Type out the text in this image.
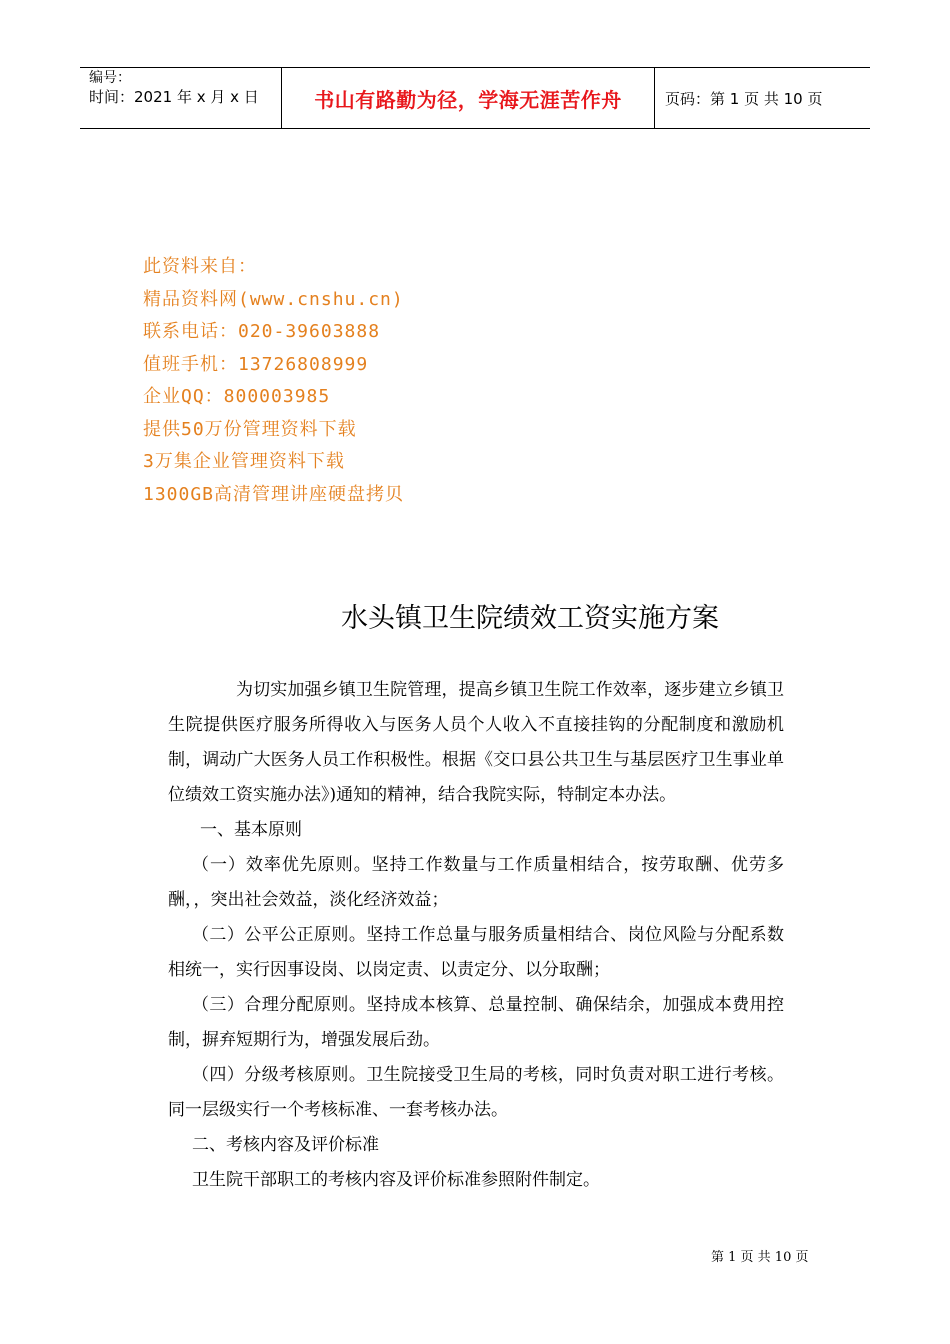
编号：
时间：2021 年 x 月 x 日	书山有路勤为径，学海无涯苦作舟	页码：第 1 页 共 10 页
此资料来自：
精品资料网(www.cnshu.cn)
联系电话：020-39603888
值班手机：13726808999
企业QQ：800003985
提供50万份管理资料下载
3万集企业管理资料下载
1300GB高清管理讲座硬盘拷贝
水头镇卫生院绩效工资实施方案

为切实加强乡镇卫生院管理，提高乡镇卫生院工作效率，逐步建立乡镇卫生院提供医疗服务所得收入与医务人员个人收入不直接挂钩的分配制度和激励机制，调动广大医务人员工作积极性。根据《交口县公共卫生与基层医疗卫生事业单位绩效工资实施办法》)通知的精神，结合我院实际，特制定本办法。

一、基本原则

（一）效率优先原则。坚持工作数量与工作质量相结合，按劳取酬、优劳多酬，，突出社会效益，淡化经济效益；

（二）公平公正原则。坚持工作总量与服务质量相结合、岗位风险与分配系数相统一，实行因事设岗、以岗定责、以责定分、以分取酬；

（三）合理分配原则。坚持成本核算、总量控制、确保结余，加强成本费用控制，摒弃短期行为，增强发展后劲。

（四）分级考核原则。卫生院接受卫生局的考核，同时负责对职工进行考核。同一层级实行一个考核标准、一套考核办法。

二、考核内容及评价标准

卫生院干部职工的考核内容及评价标准参照附件制定。

第 1 页 共 10 页
